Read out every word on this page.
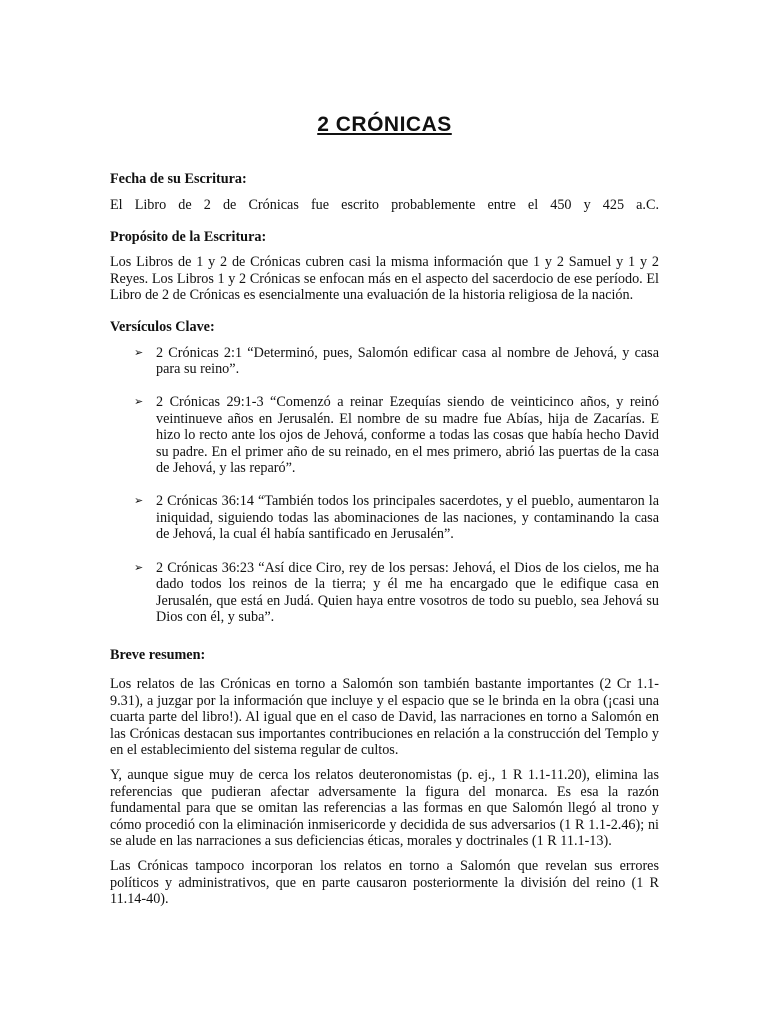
2 CRÓNICAS
Fecha de su Escritura:

El Libro de 2 de Crónicas fue escrito probablemente entre el 450 y 425 a.C.

Propósito de la Escritura:

Los Libros de 1 y 2 de Crónicas cubren casi la misma información que 1 y 2 Samuel y 1 y 2 Reyes. Los Libros 1 y 2 Crónicas se enfocan más en el aspecto del sacerdocio de ese período. El Libro de 2 de Crónicas es esencialmente una evaluación de la historia religiosa de la nación.

Versículos Clave:
➢ 2 Crónicas 2:1 “Determinó, pues, Salomón edificar casa al nombre de Jehová, y casa para su reino”.
➢ 2 Crónicas 29:1-3 “Comenzó a reinar Ezequías siendo de veinticinco años, y reinó veintinueve años en Jerusalén. El nombre de su madre fue Abías, hija de Zacarías. E hizo lo recto ante los ojos de Jehová, conforme a todas las cosas que había hecho David su padre. En el primer año de su reinado, en el mes primero, abrió las puertas de la casa de Jehová, y las reparó”.
➢ 2 Crónicas 36:14 “También todos los principales sacerdotes, y el pueblo, aumentaron la iniquidad, siguiendo todas las abominaciones de las naciones, y contaminando la casa de Jehová, la cual él había santificado en Jerusalén”.
➢ 2 Crónicas 36:23 “Así dice Ciro, rey de los persas: Jehová, el Dios de los cielos, me ha dado todos los reinos de la tierra; y él me ha encargado que le edifique casa en Jerusalén, que está en Judá. Quien haya entre vosotros de todo su pueblo, sea Jehová su Dios con él, y suba”.
Breve resumen:

Los relatos de las Crónicas en torno a Salomón son también bastante importantes (2 Cr 1.1-9.31), a juzgar por la información que incluye y el espacio que se le brinda en la obra (¡casi una cuarta parte del libro!). Al igual que en el caso de David, las narraciones en torno a Salomón en las Crónicas destacan sus importantes contribuciones en relación a la construcción del Templo y en el establecimiento del sistema regular de cultos.

Y, aunque sigue muy de cerca los relatos deuteronomistas (p. ej., 1 R 1.1-11.20), elimina las referencias que pudieran afectar adversamente la figura del monarca. Es esa la razón fundamental para que se omitan las referencias a las formas en que Salomón llegó al trono y cómo procedió con la eliminación inmisericorde y decidida de sus adversarios (1 R 1.1-2.46); ni se alude en las narraciones a sus deficiencias éticas, morales y doctrinales (1 R 11.1-13).

Las Crónicas tampoco incorporan los relatos en torno a Salomón que revelan sus errores políticos y administrativos, que en parte causaron posteriormente la división del reino (1 R 11.14-40).
